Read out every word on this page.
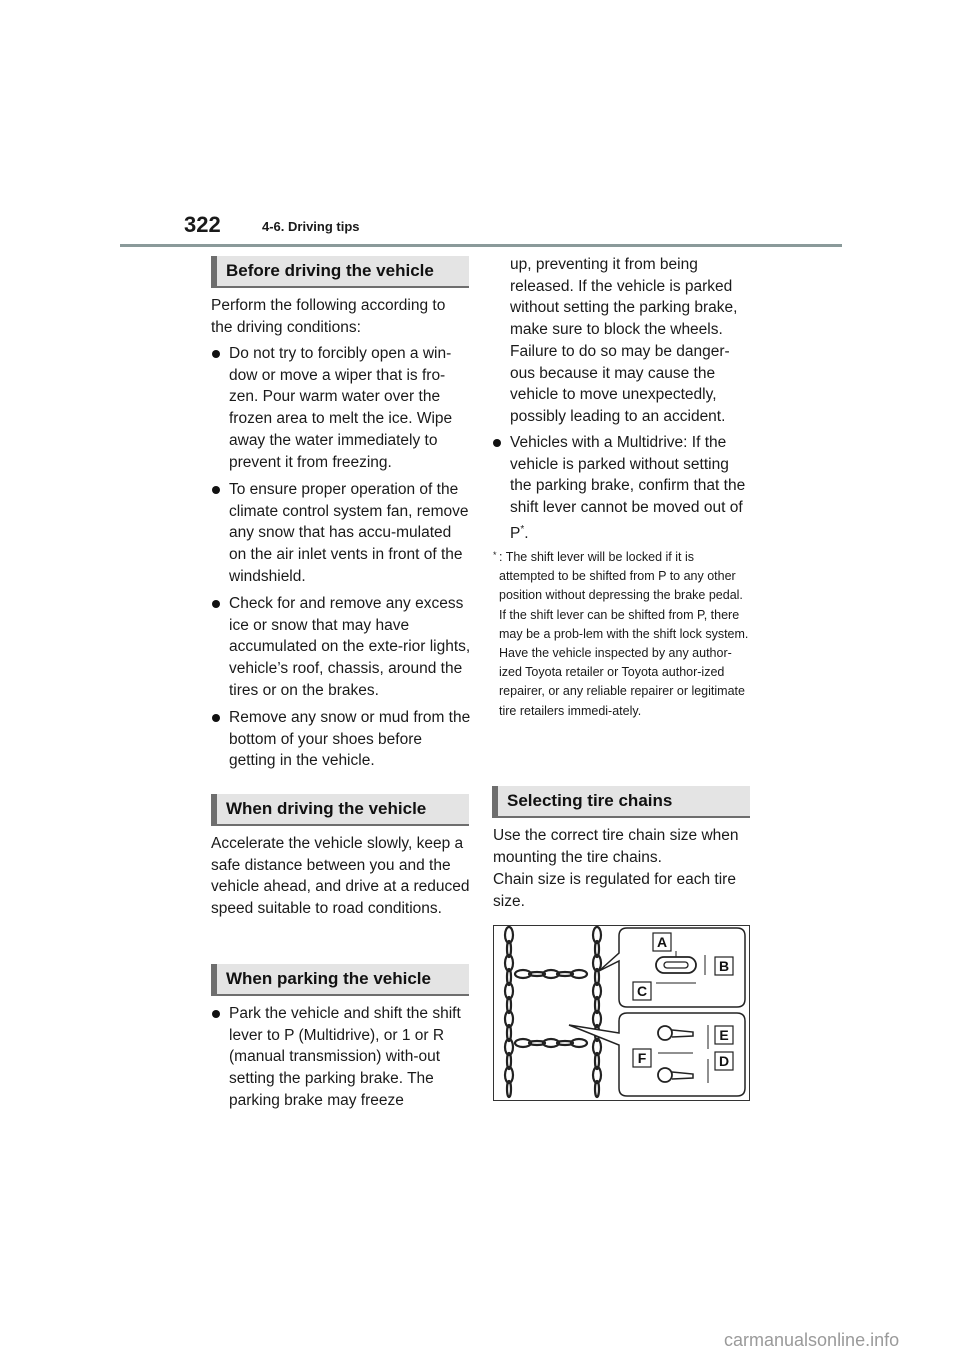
322	4-6. Driving tips
Before driving the vehicle

Perform the following according to the driving conditions:

Do not try to forcibly open a win-dow or move a wiper that is fro-zen. Pour warm water over the frozen area to melt the ice. Wipe away the water immediately to prevent it from freezing.
To ensure proper operation of the climate control system fan, remove any snow that has accu-mulated on the air inlet vents in front of the windshield.
Check for and remove any excess ice or snow that may have accumulated on the exte-rior lights, vehicle’s roof, chassis, around the tires or on the brakes.
Remove any snow or mud from the bottom of your shoes before getting in the vehicle.
When driving the vehicle

Accelerate the vehicle slowly, keep a safe distance between you and the vehicle ahead, and drive at a reduced speed suitable to road conditions.

When parking the vehicle
Park the vehicle and shift the shift lever to P (Multidrive), or 1 or R (manual transmission) with-out setting the parking brake. The parking brake may freeze
up, preventing it from being released. If the vehicle is parked without setting the parking brake, make sure to block the wheels. Failure to do so may be danger-ous because it may cause the vehicle to move unexpectedly, possibly leading to an accident.
Vehicles with a Multidrive: If the vehicle is parked without setting the parking brake, confirm that the shift lever cannot be moved out of P*.
* : The shift lever will be locked if it is attempted to be shifted from P to any other position without depressing the brake pedal. If the shift lever can be shifted from P, there may be a prob-lem with the shift lock system. Have the vehicle inspected by any author-ized Toyota retailer or Toyota author-ized repairer, or any reliable repairer or legitimate tire retailers immedi-ately.
Selecting tire chains

Use the correct tire chain size when mounting the tire chains.

Chain size is regulated for each tire size.

A
B
C
E
F	D
carmanualsonline.info
